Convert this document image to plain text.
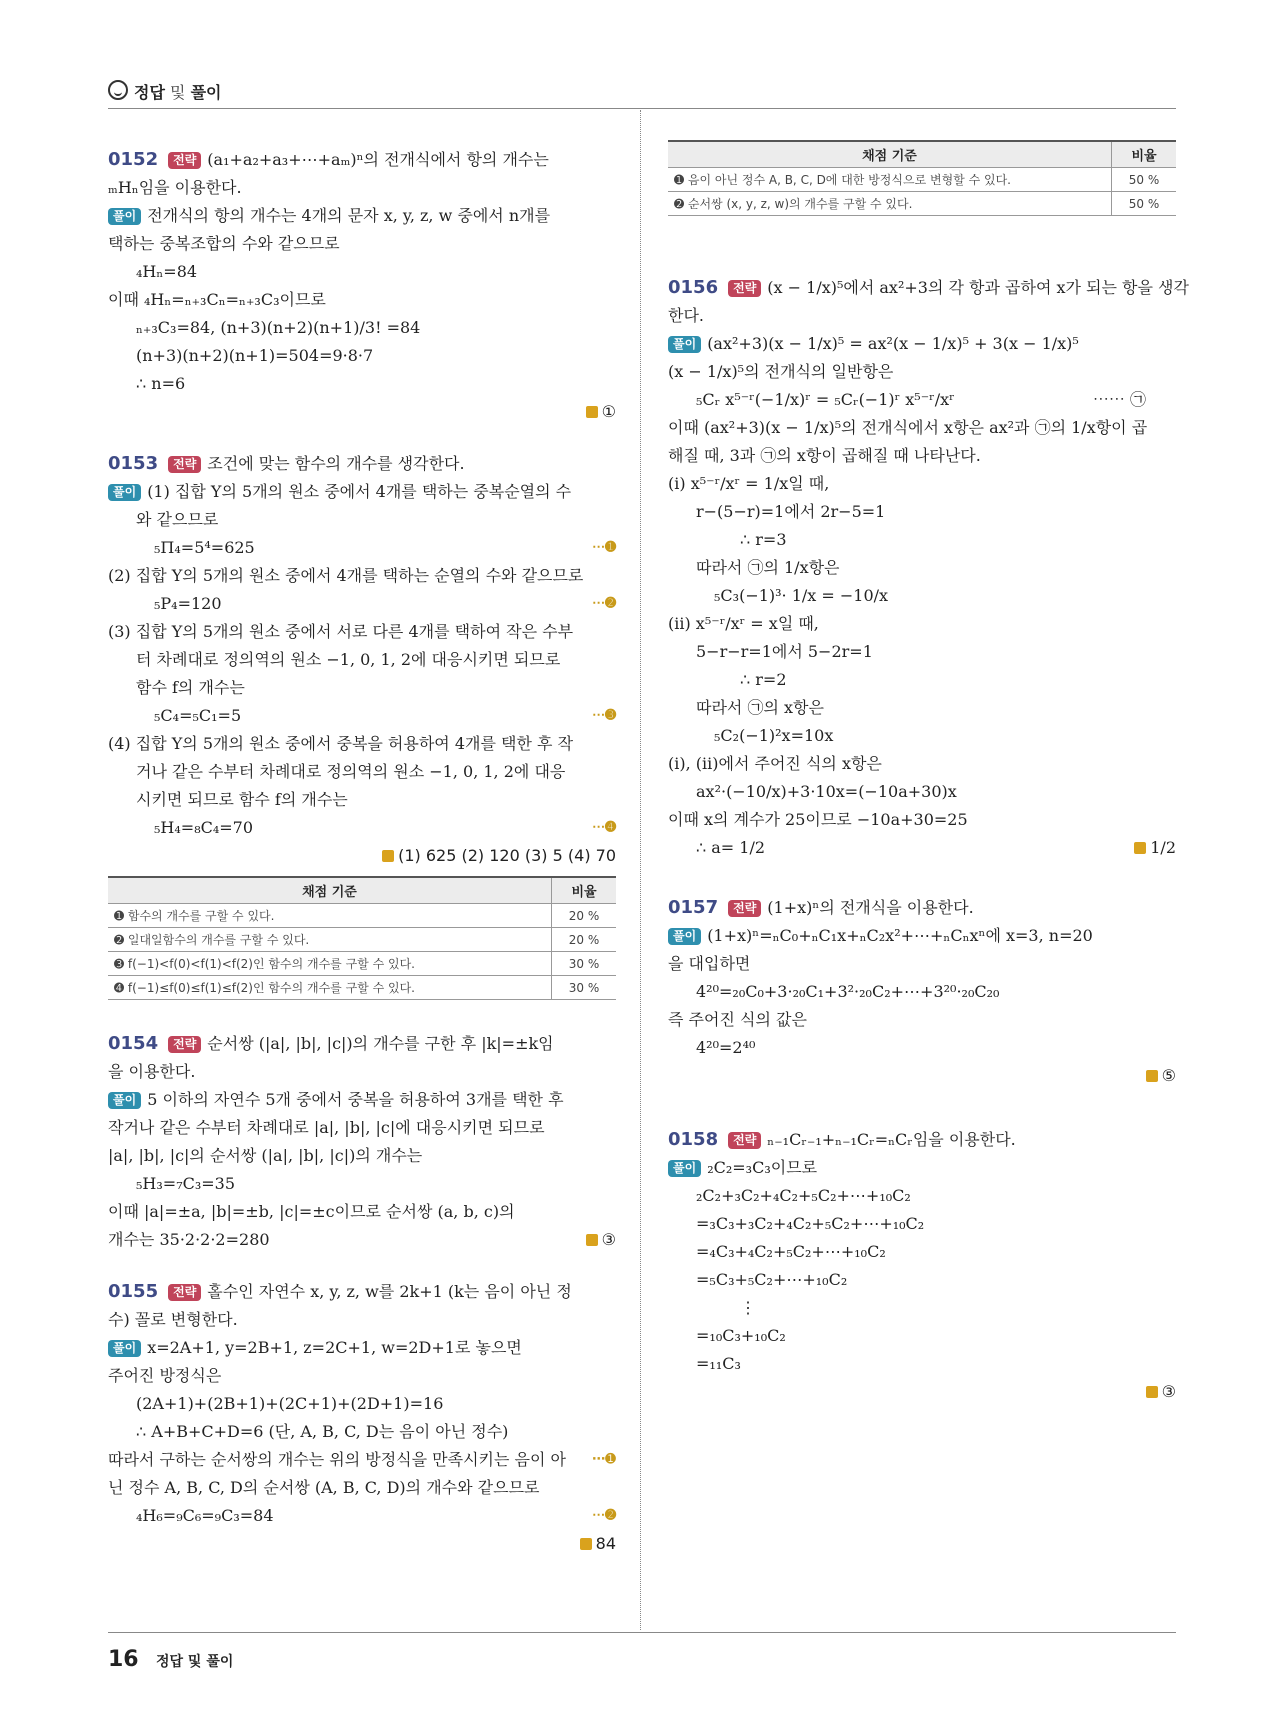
정답 및 풀이
0152 전략 (a₁+a₂+a₃+⋯+aₘ)ⁿ의 전개식에서 항의 개수는
ₘHₙ임을 이용한다.
풀이 전개식의 항의 개수는 4개의 문자 x, y, z, w 중에서 n개를
택하는 중복조합의 수와 같으므로
₄Hₙ=84
이때 ₄Hₙ=ₙ₊₃Cₙ=ₙ₊₃C₃이므로
ₙ₊₃C₃=84, (n+3)(n+2)(n+1)/3! =84
(n+3)(n+2)(n+1)=504=9·8·7
∴ n=6
①
0153 전략 조건에 맞는 함수의 개수를 생각한다.
풀이 (1) 집합 Y의 5개의 원소 중에서 4개를 택하는 중복순열의 수
와 같으므로
₅Π₄=5⁴=625	⋯➊
(2) 집합 Y의 5개의 원소 중에서 4개를 택하는 순열의 수와 같으므로
₅P₄=120	⋯➋
(3) 집합 Y의 5개의 원소 중에서 서로 다른 4개를 택하여 작은 수부
터 차례대로 정의역의 원소 −1, 0, 1, 2에 대응시키면 되므로
함수 f의 개수는
₅C₄=₅C₁=5	⋯➌
(4) 집합 Y의 5개의 원소 중에서 중복을 허용하여 4개를 택한 후 작
거나 같은 수부터 차례대로 정의역의 원소 −1, 0, 1, 2에 대응
시키면 되므로 함수 f의 개수는
₅H₄=₈C₄=70	⋯➍
(1) 625 (2) 120 (3) 5 (4) 70
채점 기준	비율
➊ 함수의 개수를 구할 수 있다.	20 %
➋ 일대일함수의 개수를 구할 수 있다.	20 %
➌ f(−1)<f(0)<f(1)<f(2)인 함수의 개수를 구할 수 있다.	30 %
➍ f(−1)≤f(0)≤f(1)≤f(2)인 함수의 개수를 구할 수 있다.	30 %
0154 전략 순서쌍 (|a|, |b|, |c|)의 개수를 구한 후 |k|=±k임
을 이용한다.
풀이 5 이하의 자연수 5개 중에서 중복을 허용하여 3개를 택한 후
작거나 같은 수부터 차례대로 |a|, |b|, |c|에 대응시키면 되므로
|a|, |b|, |c|의 순서쌍 (|a|, |b|, |c|)의 개수는
₅H₃=₇C₃=35
이때 |a|=±a, |b|=±b, |c|=±c이므로 순서쌍 (a, b, c)의
개수는 35·2·2·2=280	③
0155 전략 홀수인 자연수 x, y, z, w를 2k+1 (k는 음이 아닌 정
수) 꼴로 변형한다.
풀이 x=2A+1, y=2B+1, z=2C+1, w=2D+1로 놓으면
주어진 방정식은
(2A+1)+(2B+1)+(2C+1)+(2D+1)=16
∴ A+B+C+D=6 (단, A, B, C, D는 음이 아닌 정수)
⋯➊
따라서 구하는 순서쌍의 개수는 위의 방정식을 만족시키는 음이 아
닌 정수 A, B, C, D의 순서쌍 (A, B, C, D)의 개수와 같으므로
₄H₆=₉C₆=₉C₃=84	⋯➋
84
채점 기준	비율
➊ 음이 아닌 정수 A, B, C, D에 대한 방정식으로 변형할 수 있다.	50 %
➋ 순서쌍 (x, y, z, w)의 개수를 구할 수 있다.	50 %
0156 전략 (x − 1/x)⁵에서 ax²+3의 각 항과 곱하여 x가 되는 항을 생각
한다.
풀이 (ax²+3)(x − 1/x)⁵ = ax²(x − 1/x)⁵ + 3(x − 1/x)⁵
(x − 1/x)⁵의 전개식의 일반항은
₅Cᵣ x⁵⁻ʳ(−1/x)ʳ = ₅Cᵣ(−1)ʳ x⁵⁻ʳ/xʳ	⋯⋯ ㉠
이때 (ax²+3)(x − 1/x)⁵의 전개식에서 x항은 ax²과 ㉠의 1/x항이 곱
해질 때, 3과 ㉠의 x항이 곱해질 때 나타난다.
(i) x⁵⁻ʳ/xʳ = 1/x일 때,
r−(5−r)=1에서 2r−5=1
∴ r=3
따라서 ㉠의 1/x항은
₅C₃(−1)³· 1/x = −10/x
(ii) x⁵⁻ʳ/xʳ = x일 때,
5−r−r=1에서 5−2r=1
∴ r=2
따라서 ㉠의 x항은
₅C₂(−1)²x=10x
(i), (ii)에서 주어진 식의 x항은
ax²·(−10/x)+3·10x=(−10a+30)x
이때 x의 계수가 25이므로 −10a+30=25
∴ a= 1/2	1/2
0157 전략 (1+x)ⁿ의 전개식을 이용한다.
풀이 (1+x)ⁿ=ₙC₀+ₙC₁x+ₙC₂x²+⋯+ₙCₙxⁿ에 x=3, n=20
을 대입하면
4²⁰=₂₀C₀+3·₂₀C₁+3²·₂₀C₂+⋯+3²⁰·₂₀C₂₀
즉 주어진 식의 값은
4²⁰=2⁴⁰
⑤
0158 전략 ₙ₋₁Cᵣ₋₁+ₙ₋₁Cᵣ=ₙCᵣ임을 이용한다.
풀이 ₂C₂=₃C₃이므로
₂C₂+₃C₂+₄C₂+₅C₂+⋯+₁₀C₂
=₃C₃+₃C₂+₄C₂+₅C₂+⋯+₁₀C₂
=₄C₃+₄C₂+₅C₂+⋯+₁₀C₂
=₅C₃+₅C₂+⋯+₁₀C₂
⋮
=₁₀C₃+₁₀C₂
=₁₁C₃
③
16 정답 및 풀이
